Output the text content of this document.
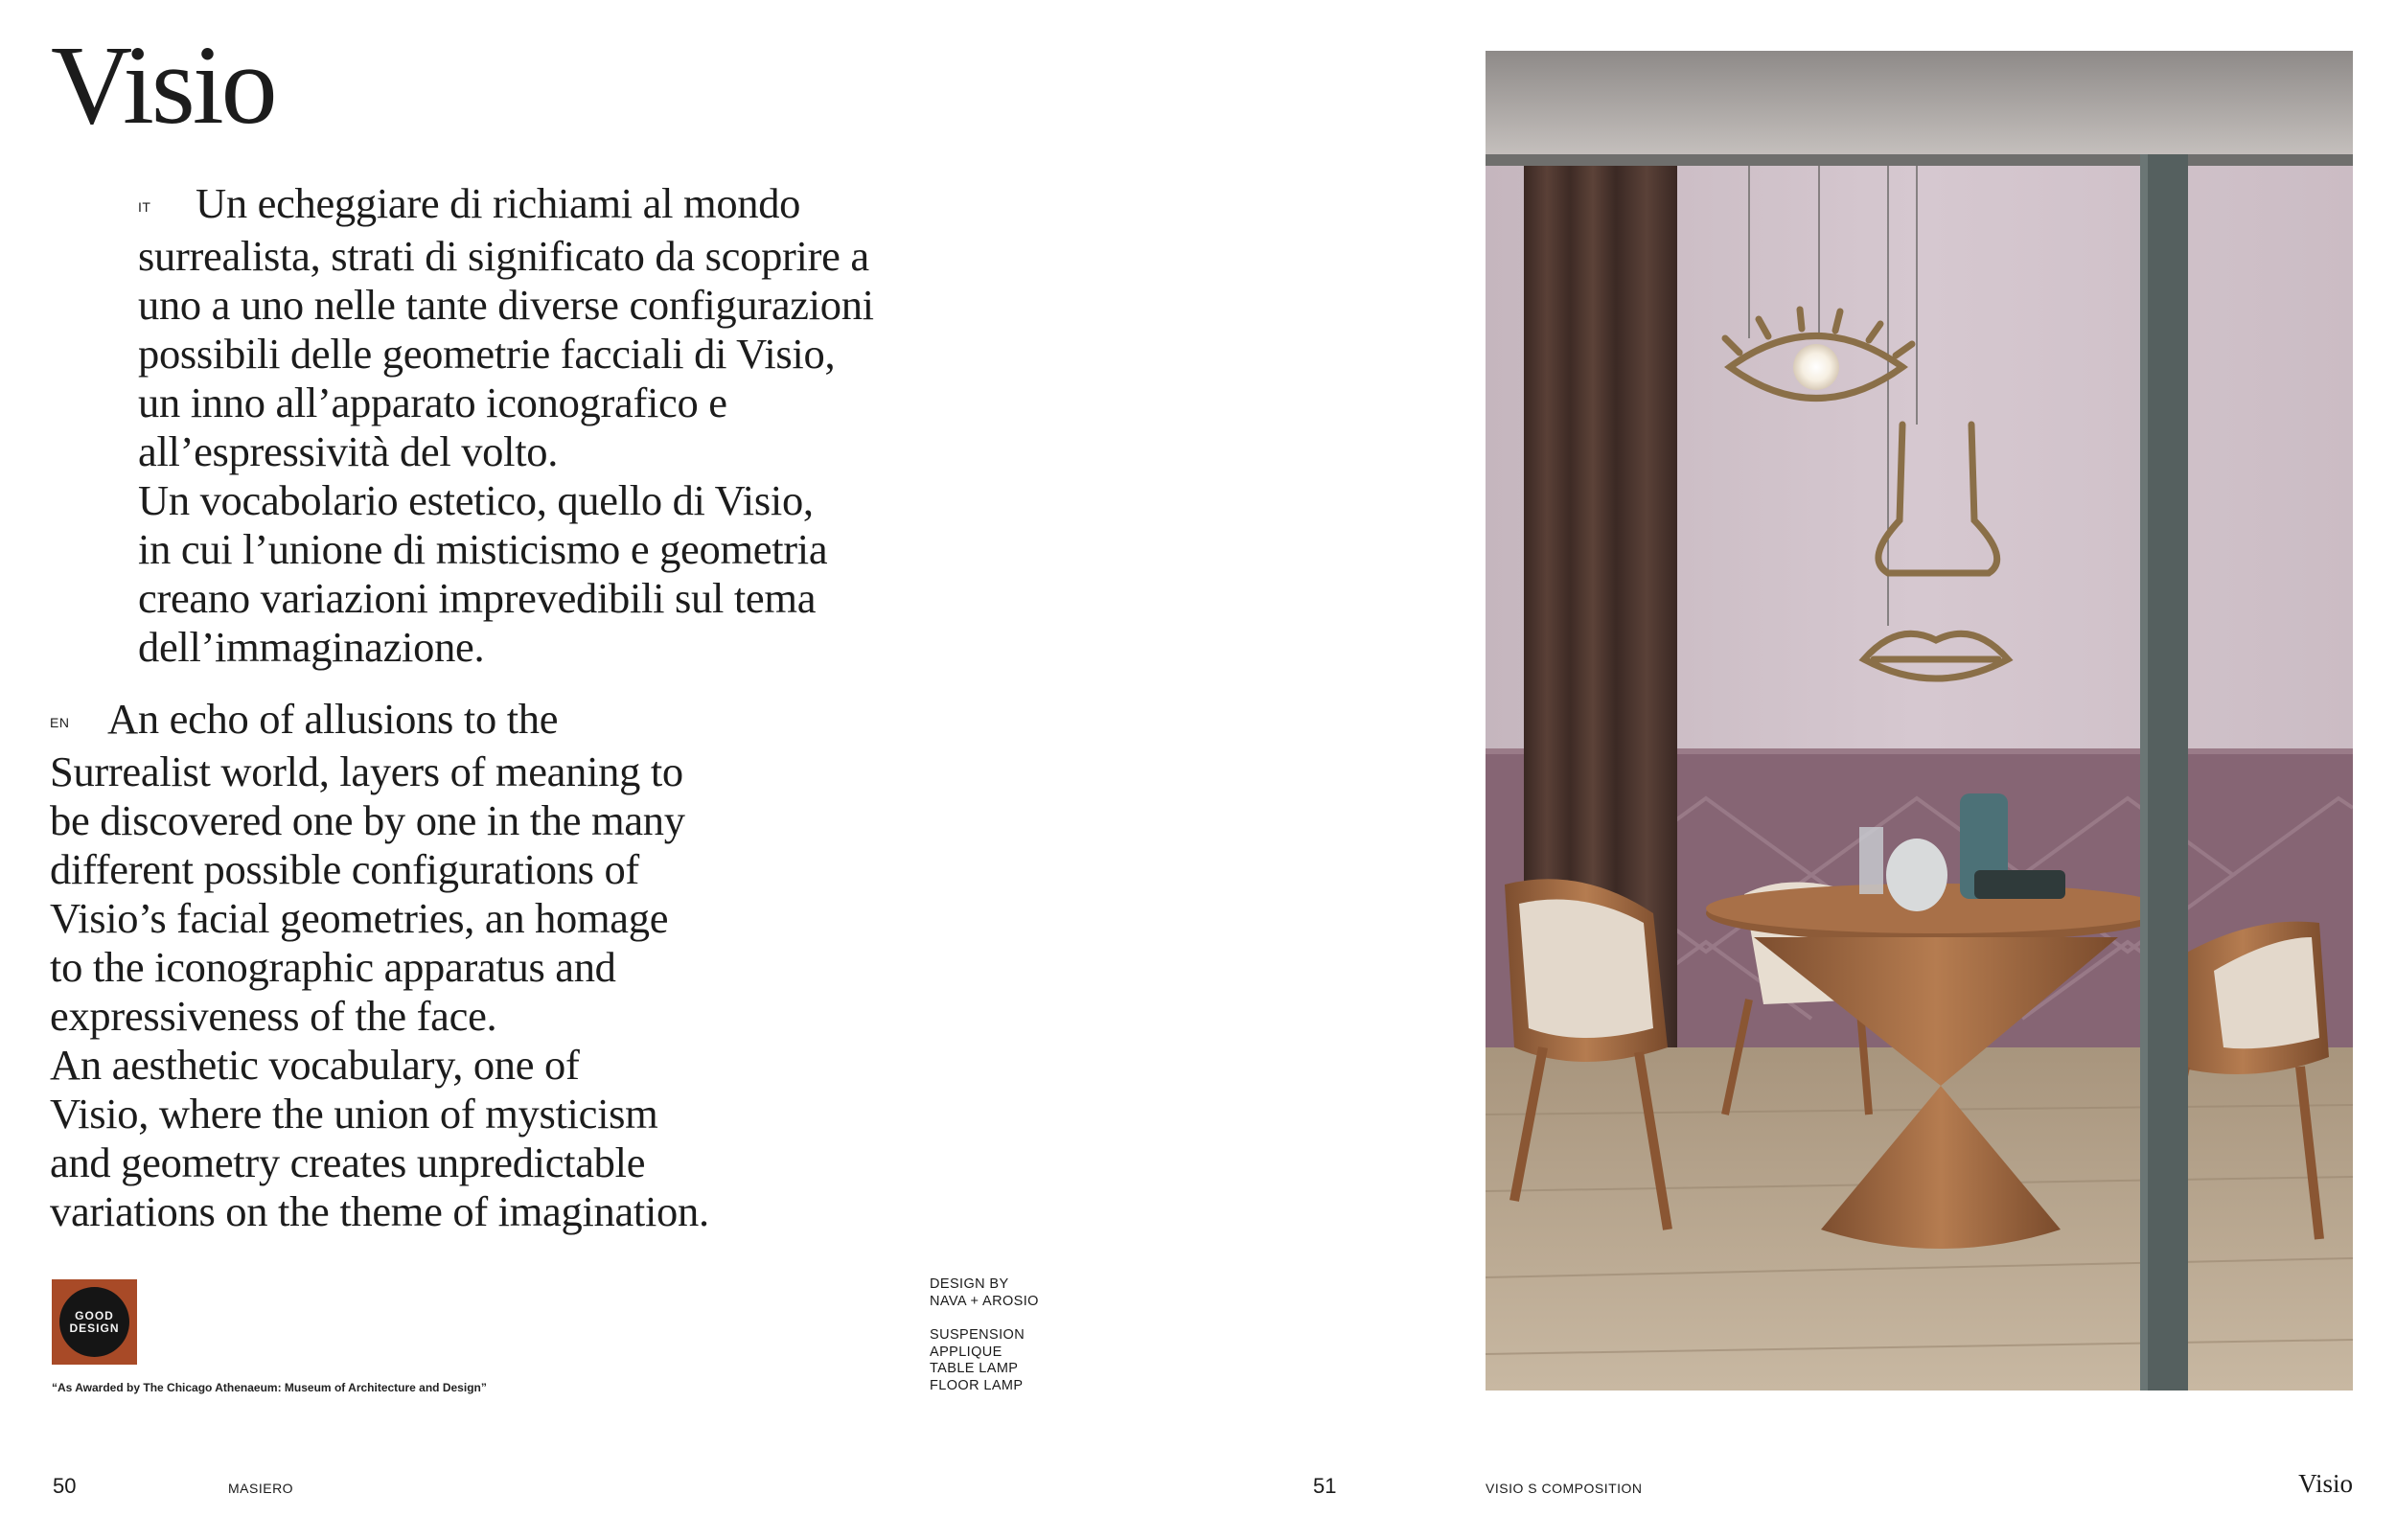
Visio
IT Un echeggiare di richiami al mondo
surrealista, strati di significato da scoprire a
uno a uno nelle tante diverse configurazioni
possibili delle geometrie facciali di Visio,
un inno all’apparato iconografico e
all’espressività del volto.
Un vocabolario estetico, quello di Visio,
in cui l’unione di misticismo e geometria
creano variazioni imprevedibili sul tema
dell’immaginazione.
EN An echo of allusions to the
Surrealist world, layers of meaning to
be discovered one by one in the many
different possible configurations of
Visio’s facial geometries, an homage
to the iconographic apparatus and
expressiveness of the face.
An aesthetic vocabulary, one of
Visio, where the union of mysticism
and geometry creates unpredictable
variations on the theme of imagination.
GOOD
DESIGN
“As Awarded by The Chicago Athenaeum: Museum of Architecture and Design”
DESIGN BY
NAVA + AROSIO
SUSPENSION
APPLIQUE
TABLE LAMP
FLOOR LAMP
50	MASIERO	51	VISIO S COMPOSITION	Visio
